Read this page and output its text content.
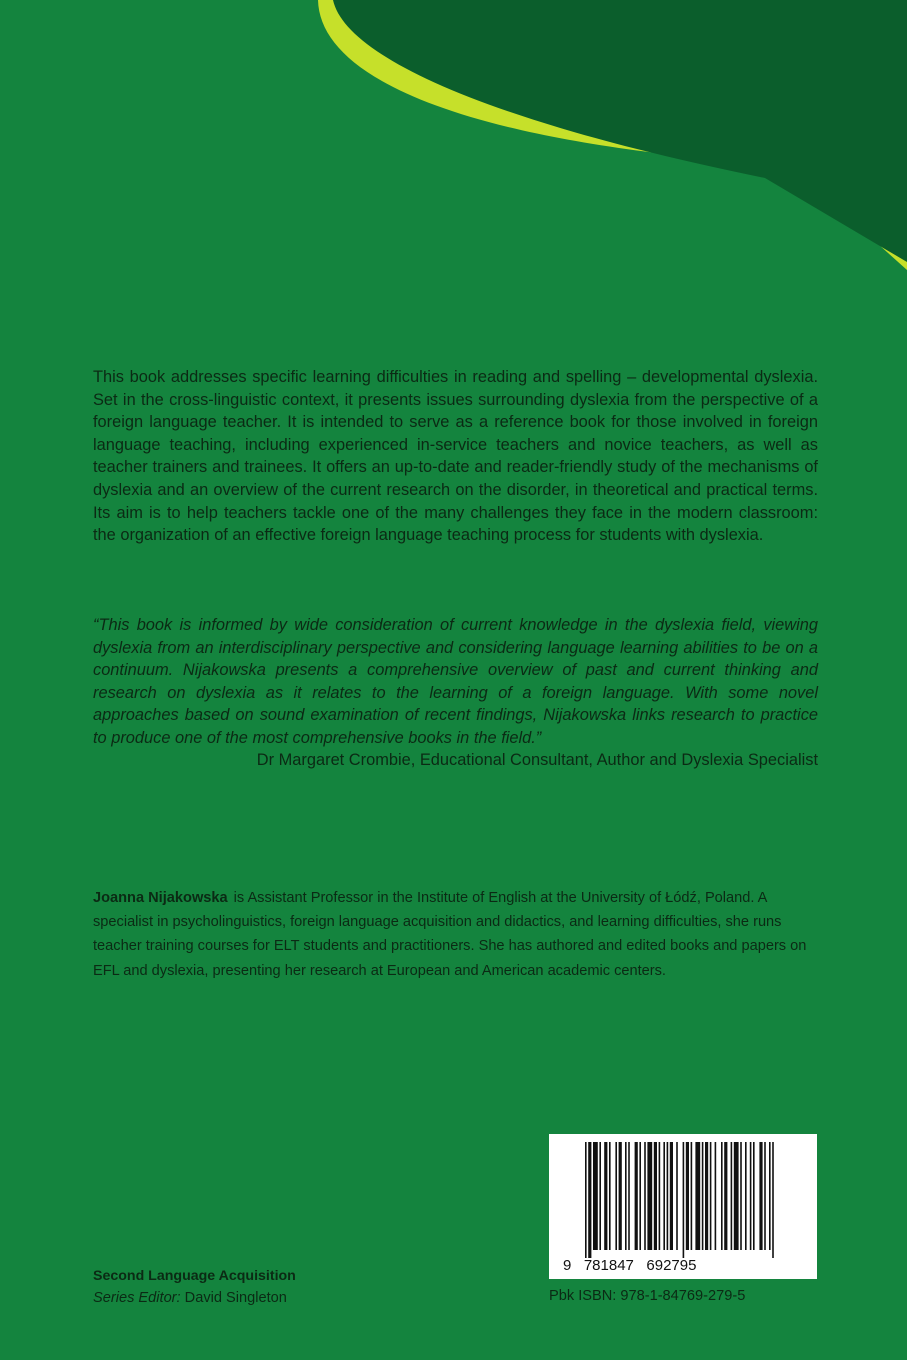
This book addresses specific learning difficulties in reading and spelling – developmental dyslexia. Set in the cross-linguistic context, it presents issues surrounding dyslexia from the perspective of a foreign language teacher. It is intended to serve as a reference book for those involved in foreign language teaching, including experienced in-service teachers and novice teachers, as well as teacher trainers and trainees. It offers an up-to-date and reader-friendly study of the mechanisms of dyslexia and an overview of the current research on the disorder, in theoretical and practical terms. Its aim is to help teachers tackle one of the many challenges they face in the modern classroom: the organization of an effective foreign language teaching process for students with dyslexia.

“This book is informed by wide consideration of current knowledge in the dyslexia field, viewing dyslexia from an interdisciplinary perspective and considering language learning abilities to be on a continuum. Nijakowska presents a comprehensive overview of past and current thinking and research on dyslexia as it relates to the learning of a foreign language. With some novel approaches based on sound examination of recent findings, Nijakowska links research to practice to produce one of the most comprehensive books in the field.”

Dr Margaret Crombie, Educational Consultant, Author and Dyslexia Specialist

Joanna Nijakowska is Assistant Professor in the Institute of English at the University of Łódź, Poland. A specialist in psycholinguistics, foreign language acquisition and didactics, and learning difficulties, she runs teacher training courses for ELT students and practitioners. She has authored and edited books and papers on EFL and dyslexia, presenting her research at European and American academic centers.

Second Language Acquisition
Series Editor: David Singleton
9   781847   692795
Pbk ISBN: 978-1-84769-279-5
